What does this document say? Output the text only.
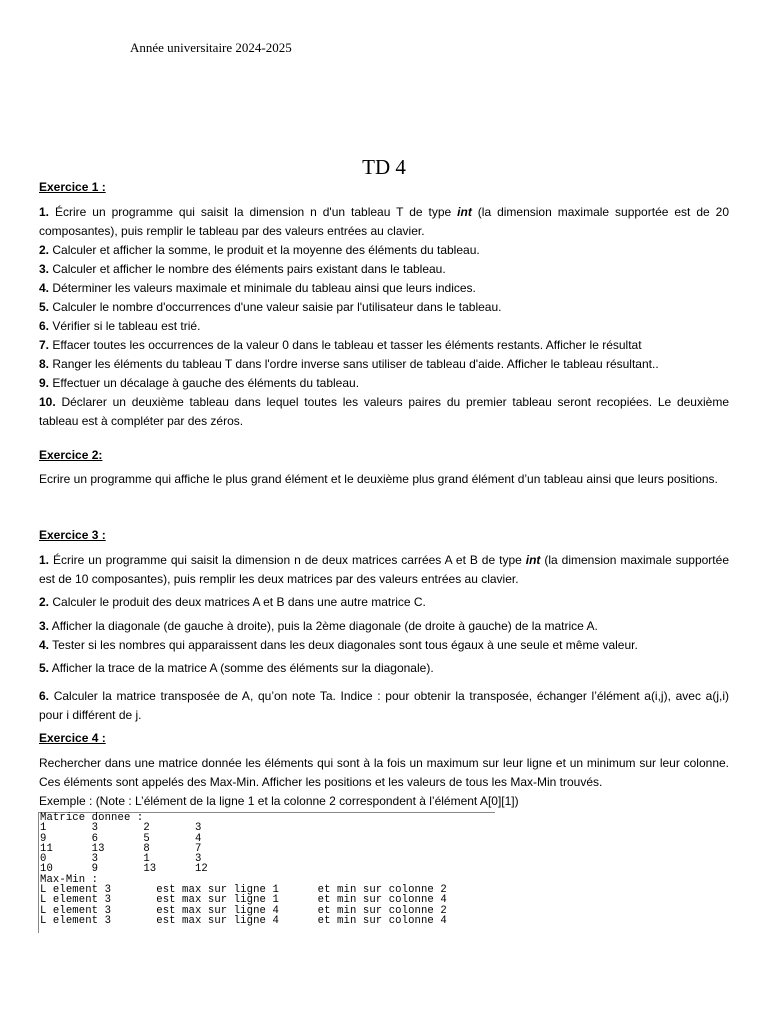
Année universitaire 2024-2025
TD 4
Exercice 1 :

1. Écrire un programme qui saisit la dimension n d'un tableau T de type int (la dimension maximale supportée est de 20 composantes), puis remplir le tableau par des valeurs entrées au clavier.

2. Calculer et afficher la somme, le produit et la moyenne des éléments du tableau.

3. Calculer et afficher le nombre des éléments pairs existant dans le tableau.

4. Déterminer les valeurs maximale et minimale du tableau ainsi que leurs indices.

5. Calculer le nombre d'occurrences d'une valeur saisie par l'utilisateur dans le tableau.

6. Vérifier si le tableau est trié.

7. Effacer toutes les occurrences de la valeur 0 dans le tableau et tasser les éléments restants. Afficher le résultat

8. Ranger les éléments du tableau T dans l'ordre inverse sans utiliser de tableau d'aide. Afficher le tableau résultant..

9. Effectuer un décalage à gauche des éléments du tableau.

10. Déclarer un deuxième tableau dans lequel toutes les valeurs paires du premier tableau seront recopiées. Le deuxième tableau est à compléter par des zéros.

Exercice 2:
Ecrire un programme qui affiche le plus grand élément et le deuxième plus grand élément d’un tableau ainsi que leurs positions.
Exercice 3 :

1. Écrire un programme qui saisit la dimension n de deux matrices carrées A et B de type int (la dimension maximale supportée est de 10 composantes), puis remplir les deux matrices par des valeurs entrées au clavier.

2. Calculer le produit des deux matrices A et B dans une autre matrice C.

3. Afficher la diagonale (de gauche à droite), puis la 2ème diagonale (de droite à gauche) de la matrice A.

4. Tester si les nombres qui apparaissent dans les deux diagonales sont tous égaux à une seule et même valeur.

5. Afficher la trace de la matrice A (somme des éléments sur la diagonale).

6. Calculer la matrice transposée de A, qu’on note Ta. Indice : pour obtenir la transposée, échanger l’élément a(i,j), avec a(j,i) pour i différent de j.

Exercice 4 :
Rechercher dans une matrice donnée les éléments qui sont à la fois un maximum sur leur ligne et un minimum sur leur colonne. Ces éléments sont appelés des Max-Min. Afficher les positions et les valeurs de tous les Max-Min trouvés.
Exemple : (Note : L’élément de la ligne 1 et la colonne 2 correspondent à l’élément A[0][1])
Matrice donnee :
1       3       2       3
9       6       5       4
11      13      8       7
0       3       1       3
10      9       13      12
Max-Min :
L element 3       est max sur ligne 1      et min sur colonne 2
L element 3       est max sur ligne 1      et min sur colonne 4
L element 3       est max sur ligne 4      et min sur colonne 2
L element 3       est max sur ligne 4      et min sur colonne 4
